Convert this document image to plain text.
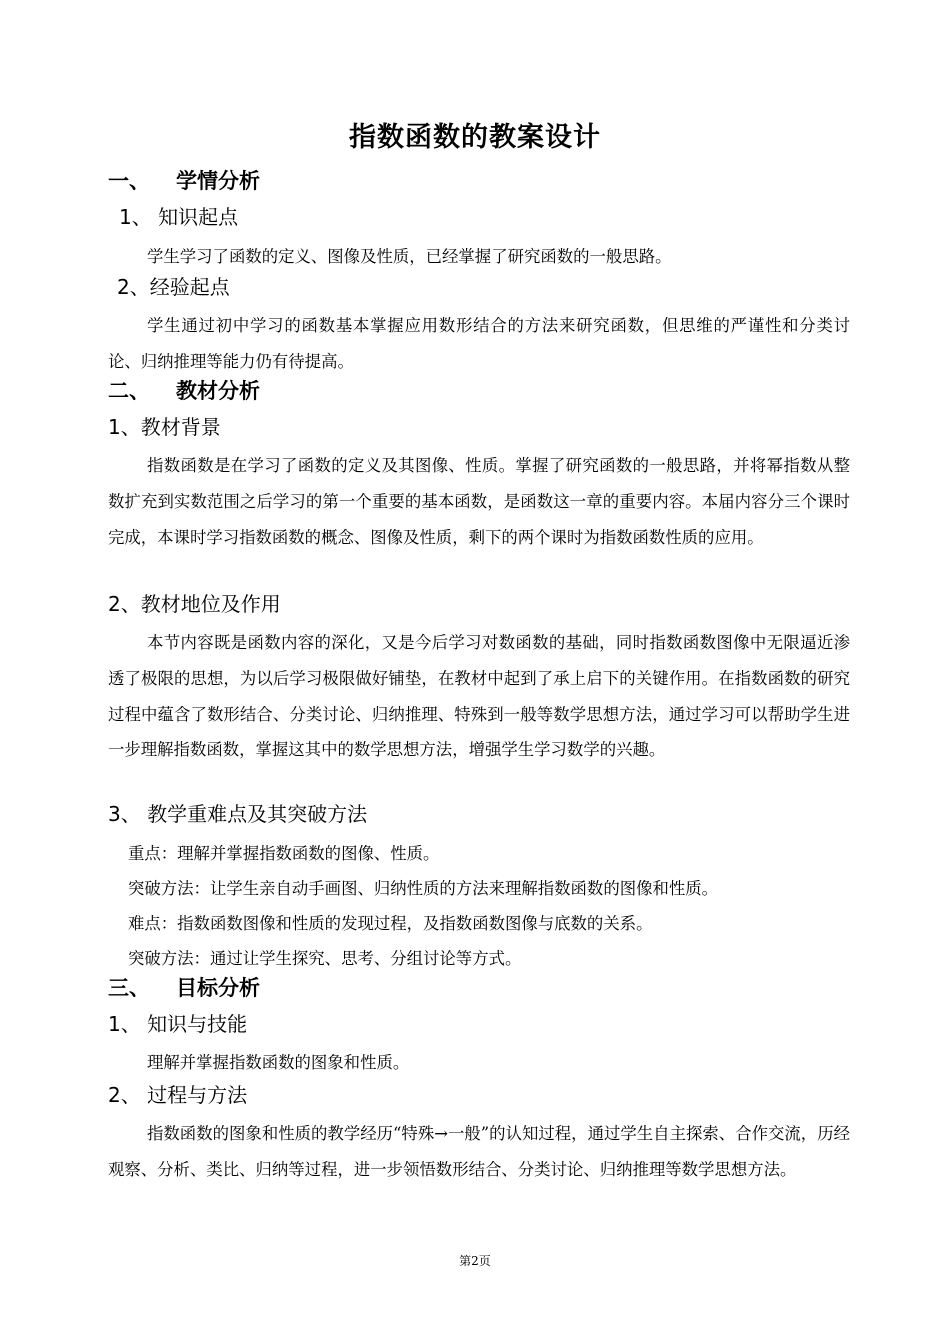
指数函数的教案设计
一、 学情分析
1、 知识起点

学生学习了函数的定义、图像及性质，已经掌握了研究函数的一般思路。

2、经验起点

学生通过初中学习的函数基本掌握应用数形结合的方法来研究函数，但思维的严谨性和分类讨论、归纳推理等能力仍有待提高。

二、 教材分析
1、教材背景

指数函数是在学习了函数的定义及其图像、性质。掌握了研究函数的一般思路，并将幂指数从整数扩充到实数范围之后学习的第一个重要的基本函数，是函数这一章的重要内容。本届内容分三个课时完成，本课时学习指数函数的概念、图像及性质，剩下的两个课时为指数函数性质的应用。

2、教材地位及作用

本节内容既是函数内容的深化，又是今后学习对数函数的基础，同时指数函数图像中无限逼近渗透了极限的思想，为以后学习极限做好铺垫，在教材中起到了承上启下的关键作用。在指数函数的研究过程中蕴含了数形结合、分类讨论、归纳推理、特殊到一般等数学思想方法，通过学习可以帮助学生进一步理解指数函数，掌握这其中的数学思想方法，增强学生学习数学的兴趣。

3、 教学重难点及其突破方法
重点：理解并掌握指数函数的图像、性质。
突破方法：让学生亲自动手画图、归纳性质的方法来理解指数函数的图像和性质。
难点：指数函数图像和性质的发现过程，及指数函数图像与底数的关系。
突破方法：通过让学生探究、思考、分组讨论等方式。
三、 目标分析
1、 知识与技能

理解并掌握指数函数的图象和性质。

2、 过程与方法

指数函数的图象和性质的教学经历“特殊→一般”的认知过程，通过学生自主探索、合作交流，历经观察、分析、类比、归纳等过程，进一步领悟数形结合、分类讨论、归纳推理等数学思想方法。

第2页
